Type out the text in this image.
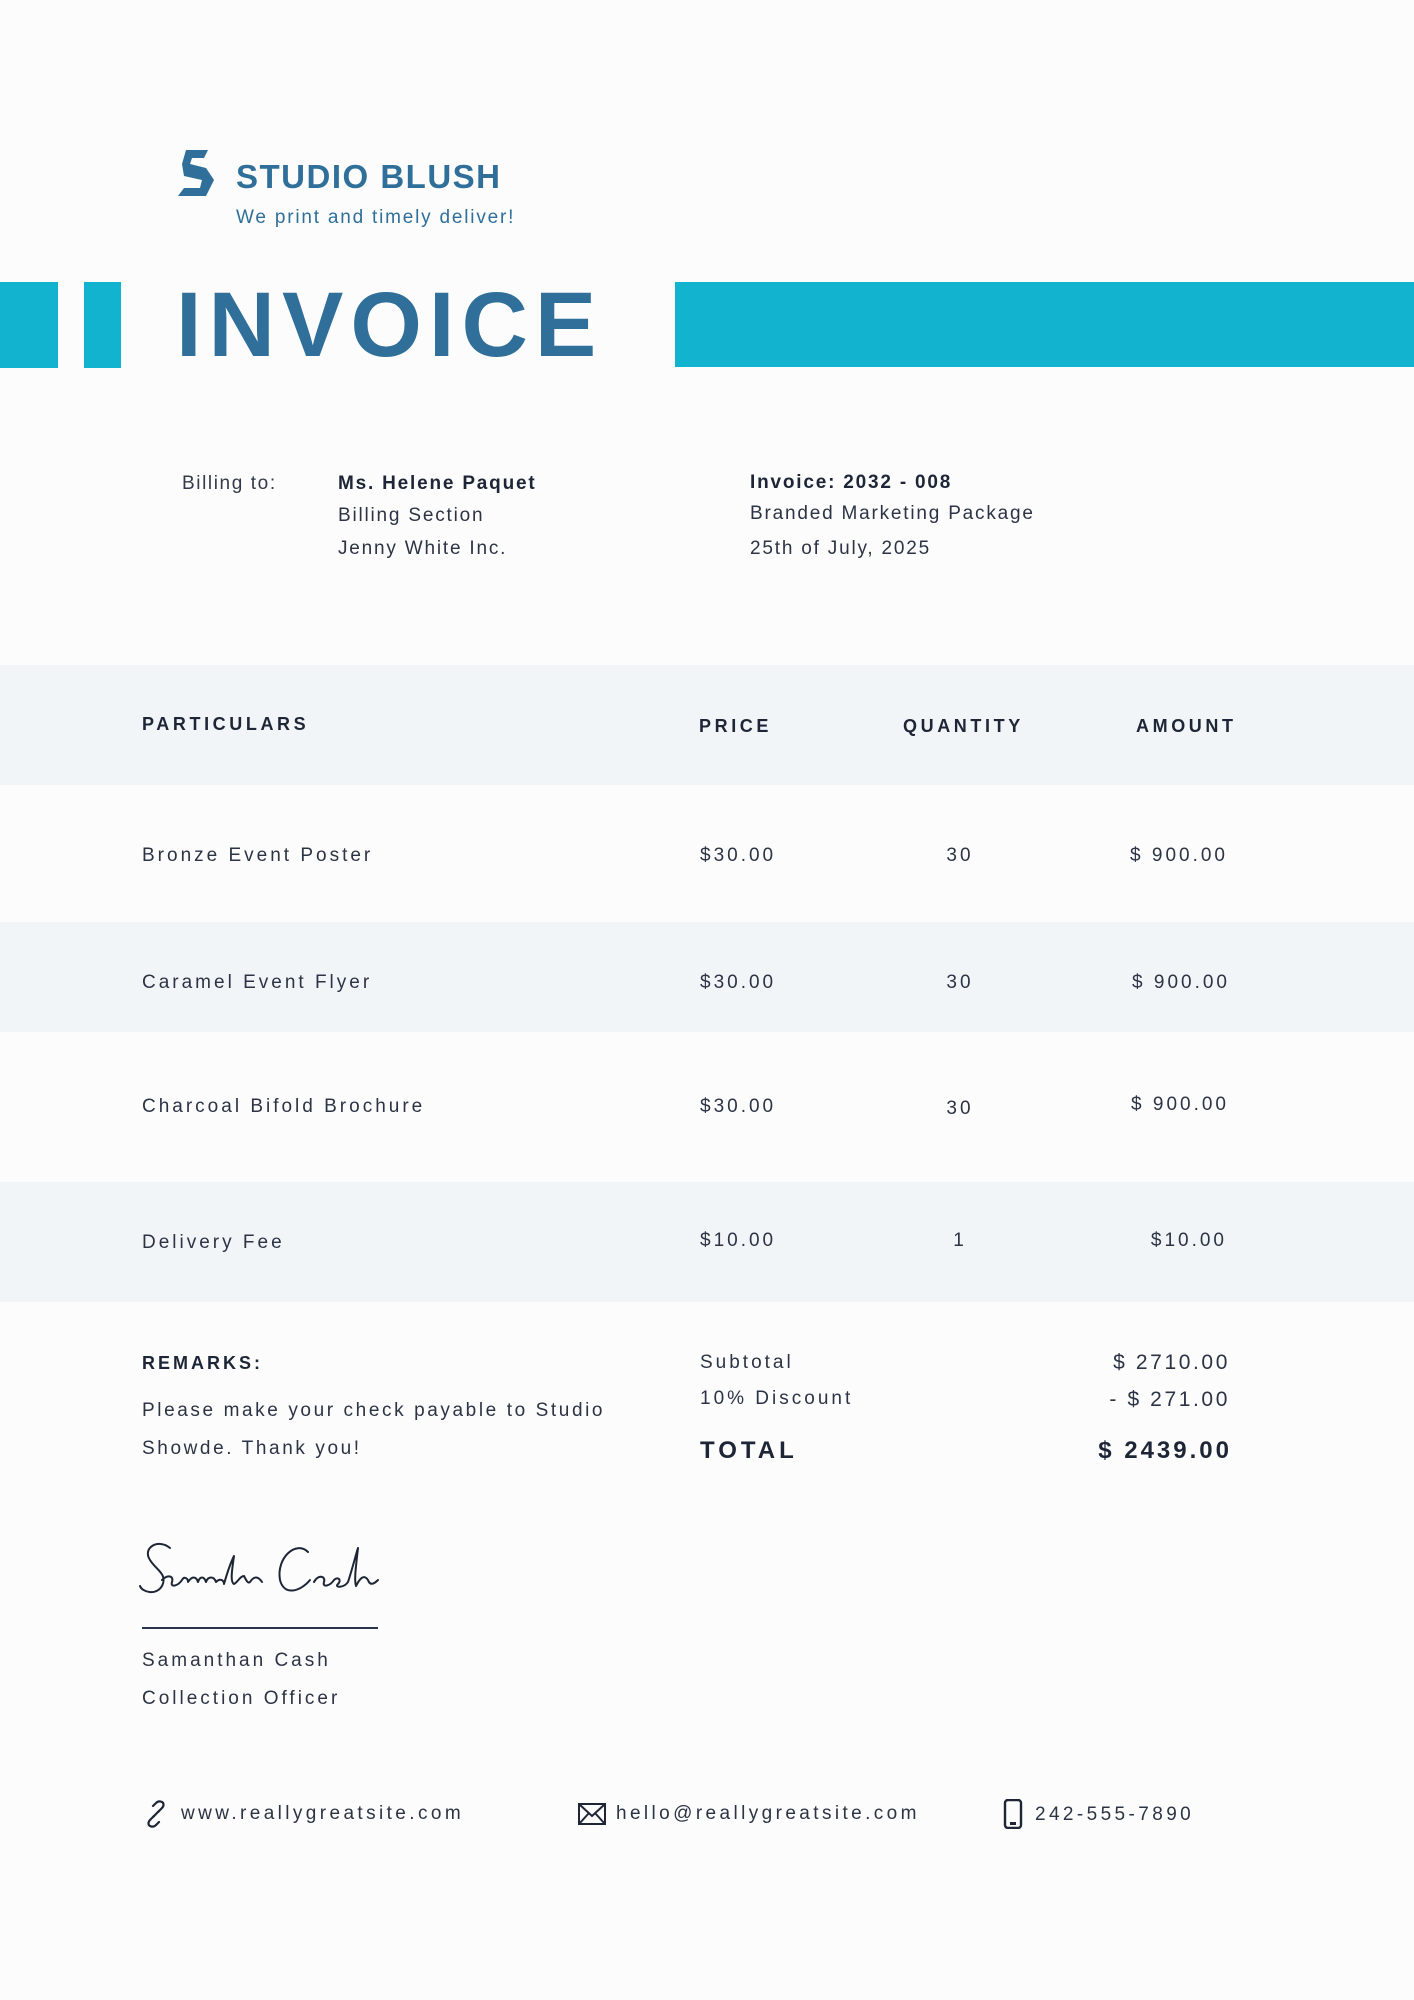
STUDIO BLUSH
We print and timely deliver!
INVOICE
Billing to:	Ms. Helene Paquet
Billing Section
Jenny White Inc.
Invoice: 2032 - 008
Branded Marketing Package
25th of July, 2025
PARTICULARS	PRICE	QUANTITY	AMOUNT
Bronze Event Poster	$30.00	30	$ 900.00
Caramel Event Flyer	$30.00	30	$ 900.00
Charcoal Bifold Brochure	$30.00	30	$ 900.00
Delivery Fee	$10.00	1	$10.00
REMARKS:
Please make your check payable to Studio Showde. Thank you!
Subtotal	$ 2710.00
10% Discount	- $ 271.00
TOTAL	$ 2439.00
Samanthan Cash
Collection Officer
www.reallygreatsite.com	hello@reallygreatsite.com	242-555-7890
